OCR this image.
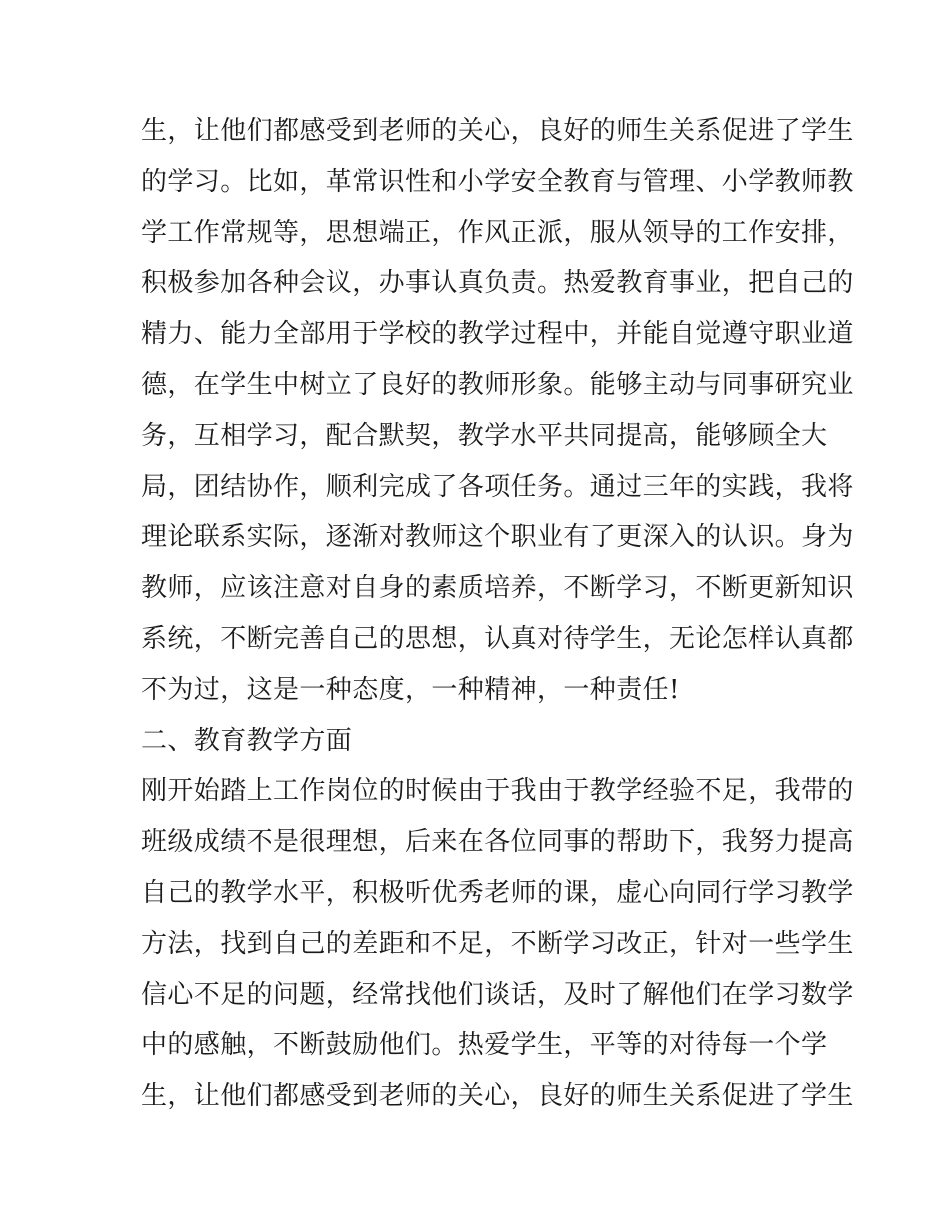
生，让他们都感受到老师的关心，良好的师生关系促进了学生
的学习。比如，革常识性和小学安全教育与管理、小学教师教
学工作常规等，思想端正，作风正派，服从领导的工作安排，
积极参加各种会议，办事认真负责。热爱教育事业，把自己的
精力、能力全部用于学校的教学过程中，并能自觉遵守职业道
德，在学生中树立了良好的教师形象。能够主动与同事研究业
务，互相学习，配合默契，教学水平共同提高，能够顾全大
局，团结协作，顺利完成了各项任务。通过三年的实践，我将
理论联系实际，逐渐对教师这个职业有了更深入的认识。身为
教师，应该注意对自身的素质培养，不断学习，不断更新知识
系统，不断完善自己的思想，认真对待学生，无论怎样认真都
不为过，这是一种态度，一种精神，一种责任!
二、教育教学方面
刚开始踏上工作岗位的时候由于我由于教学经验不足，我带的
班级成绩不是很理想，后来在各位同事的帮助下，我努力提高
自己的教学水平，积极听优秀老师的课，虚心向同行学习教学
方法，找到自己的差距和不足，不断学习改正，针对一些学生
信心不足的问题，经常找他们谈话，及时了解他们在学习数学
中的感触，不断鼓励他们。热爱学生，平等的对待每一个学
生，让他们都感受到老师的关心，良好的师生关系促进了学生
